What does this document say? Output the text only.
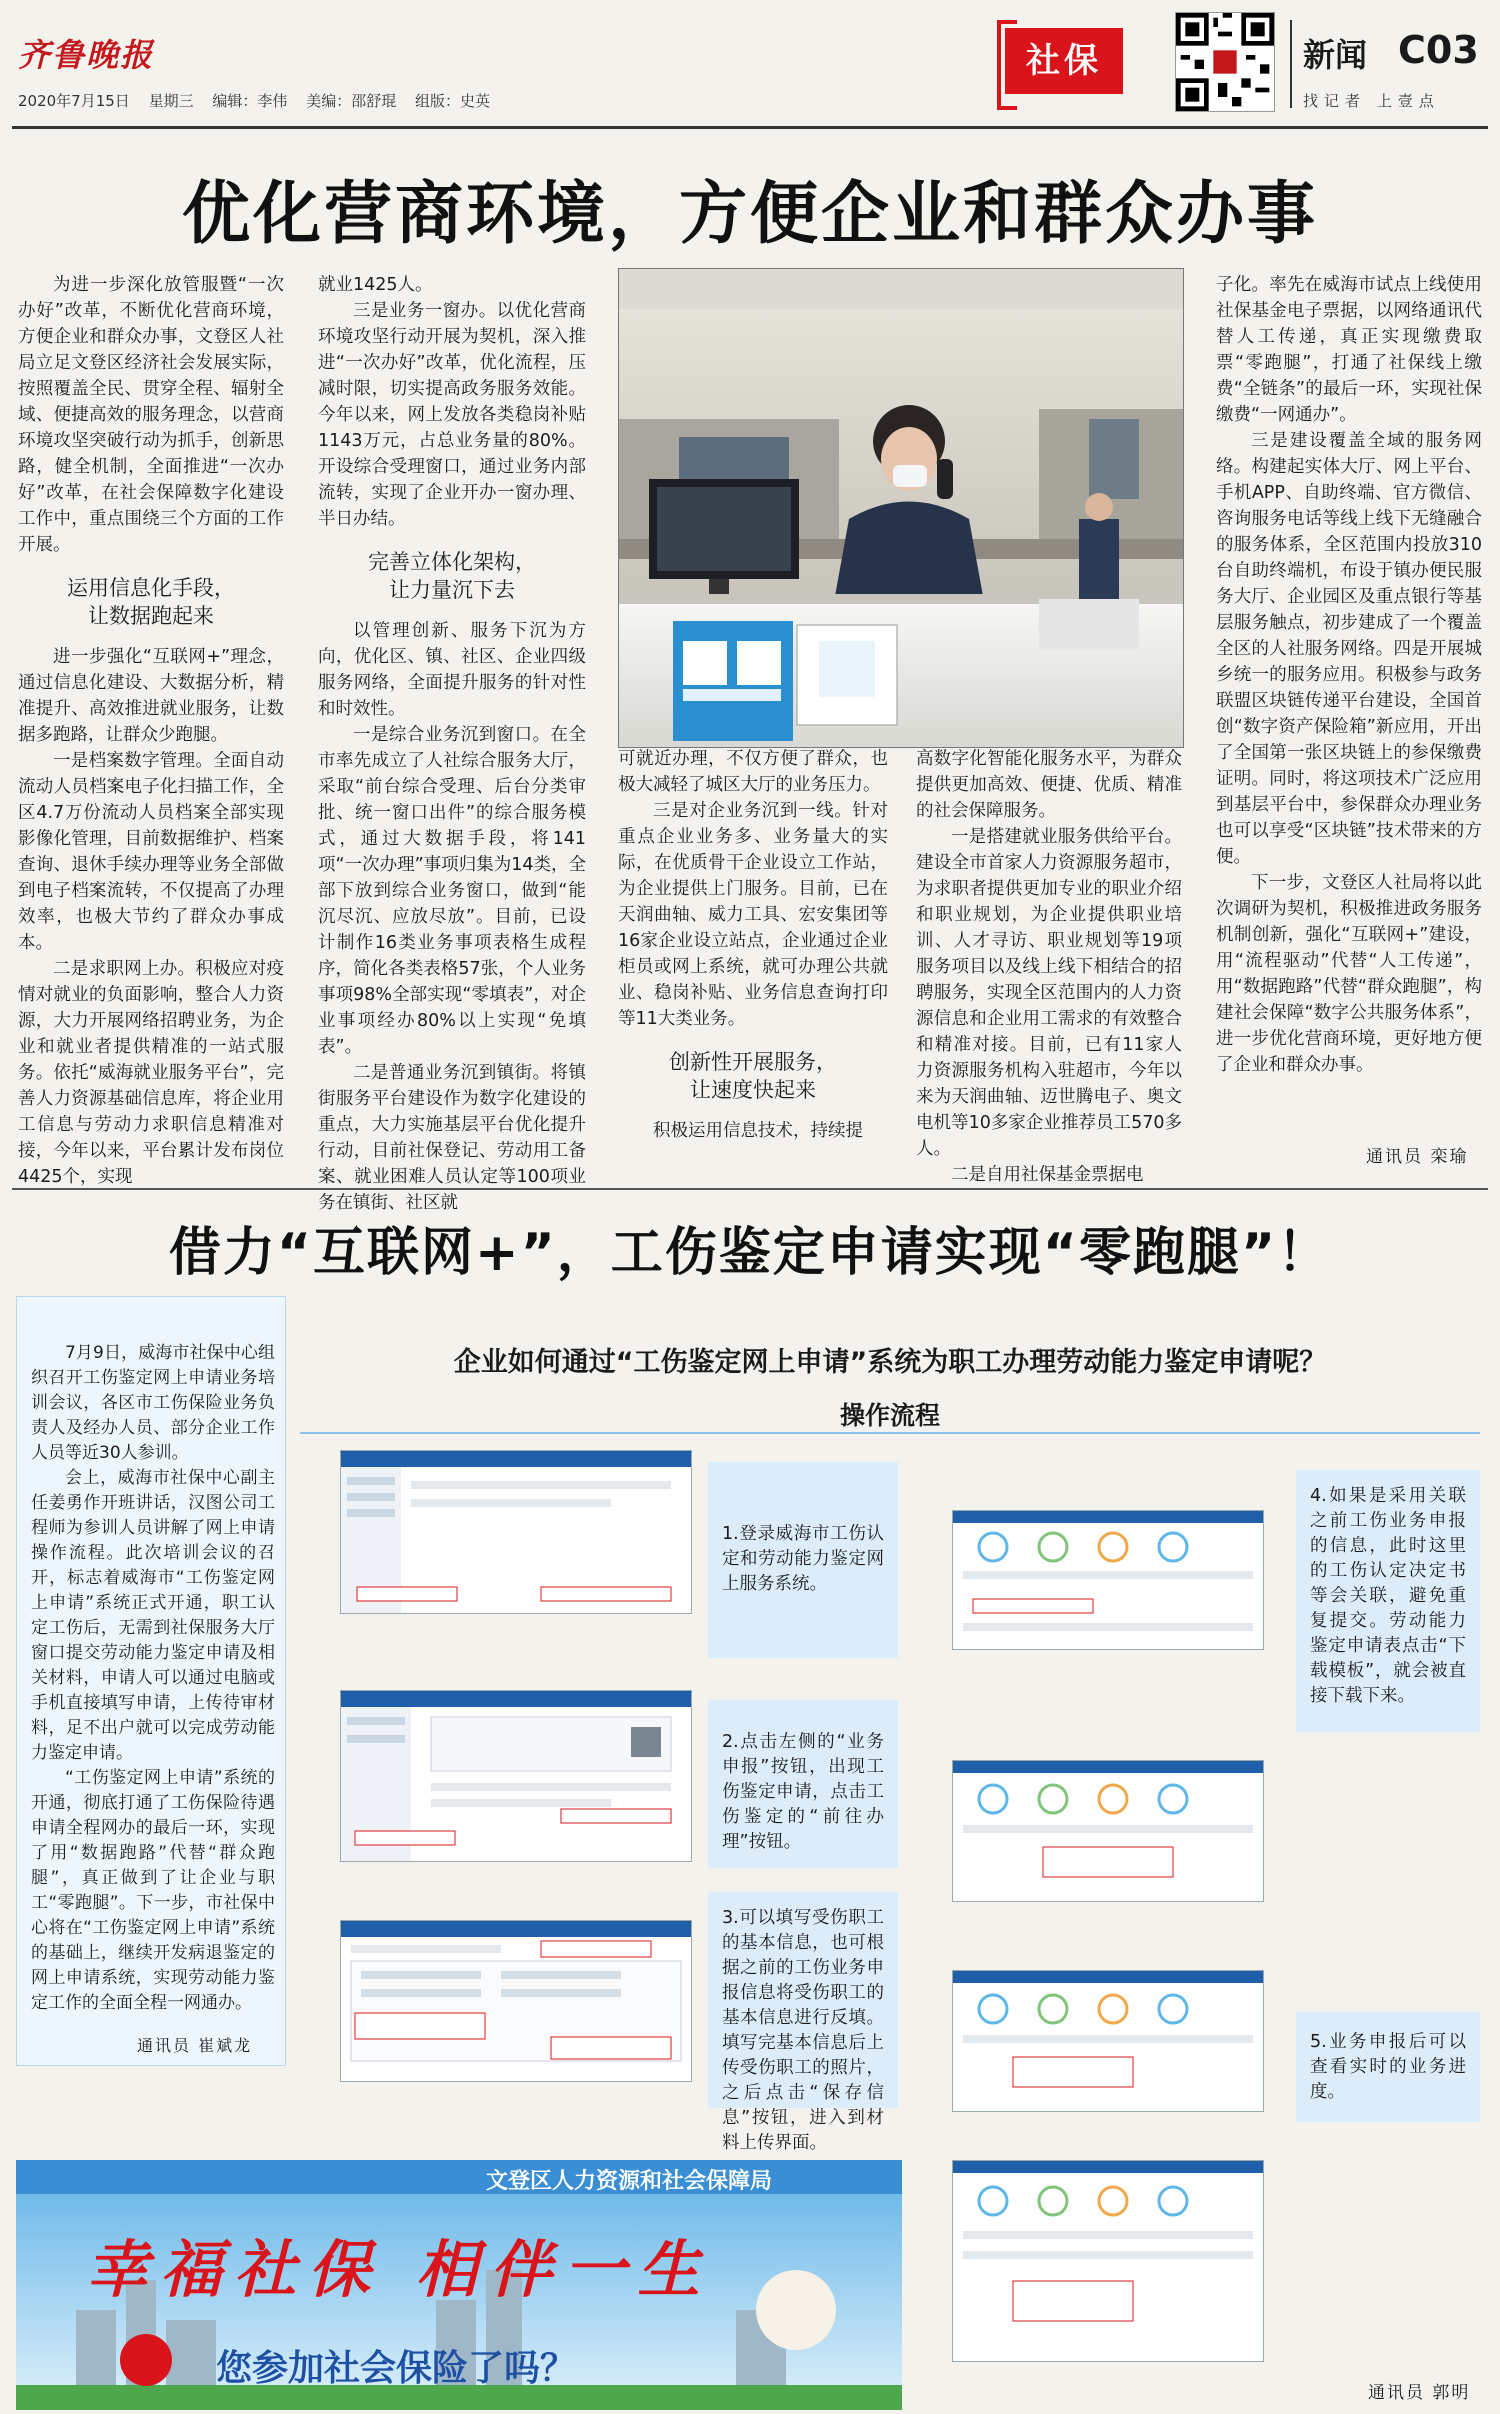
齐鲁晚报
2020年7月15日 星期三 编辑：李伟 美编：邵舒琨 组版：史英
社保	新闻 C03
找记者 上壹点
优化营商环境，方便企业和群众办事

为进一步深化放管服暨“一次办好”改革，不断优化营商环境，方便企业和群众办事，文登区人社局立足文登区经济社会发展实际，按照覆盖全民、贯穿全程、辐射全域、便捷高效的服务理念，以营商环境攻坚突破行动为抓手，创新思路，健全机制，全面推进“一次办好”改革，在社会保障数字化建设工作中，重点围绕三个方面的工作开展。

运用信息化手段，
让数据跑起来

进一步强化“互联网+”理念，通过信息化建设、大数据分析，精准提升、高效推进就业服务，让数据多跑路，让群众少跑腿。

一是档案数字管理。全面自动流动人员档案电子化扫描工作，全区4.7万份流动人员档案全部实现影像化管理，目前数据维护、档案查询、退休手续办理等业务全部做到电子档案流转，不仅提高了办理效率，也极大节约了群众办事成本。

二是求职网上办。积极应对疫情对就业的负面影响，整合人力资源，大力开展网络招聘业务，为企业和就业者提供精准的一站式服务。依托“威海就业服务平台”，完善人力资源基础信息库，将企业用工信息与劳动力求职信息精准对接，今年以来，平台累计发布岗位4425个，实现

就业1425人。

三是业务一窗办。以优化营商环境攻坚行动开展为契机，深入推进“一次办好”改革，优化流程，压减时限，切实提高政务服务效能。今年以来，网上发放各类稳岗补贴1143万元，占总业务量的80%。开设综合受理窗口，通过业务内部流转，实现了企业开办一窗办理、半日办结。

完善立体化架构，
让力量沉下去

以管理创新、服务下沉为方向，优化区、镇、社区、企业四级服务网络，全面提升服务的针对性和时效性。

一是综合业务沉到窗口。在全市率先成立了人社综合服务大厅，采取“前台综合受理、后台分类审批、统一窗口出件”的综合服务模式，通过大数据手段，将141项“一次办理”事项归集为14类，全部下放到综合业务窗口，做到“能沉尽沉、应放尽放”。目前，已设计制作16类业务事项表格生成程序，简化各类表格57张，个人业务事项98%全部实现“零填表”，对企业事项经办80%以上实现“免填表”。

二是普通业务沉到镇街。将镇街服务平台建设作为数字化建设的重点，大力实施基层平台优化提升行动，目前社保登记、劳动用工备案、就业困难人员认定等100项业务在镇街、社区就

可就近办理，不仅方便了群众，也极大减轻了城区大厅的业务压力。

三是对企业务沉到一线。针对重点企业业务多、业务量大的实际，在优质骨干企业设立工作站，为企业提供上门服务。目前，已在天润曲轴、威力工具、宏安集团等16家企业设立站点，企业通过企业柜员或网上系统，就可办理公共就业、稳岗补贴、业务信息查询打印等11大类业务。

创新性开展服务，
让速度快起来

积极运用信息技术，持续提

高数字化智能化服务水平，为群众提供更加高效、便捷、优质、精准的社会保障服务。

一是搭建就业服务供给平台。建设全市首家人力资源服务超市，为求职者提供更加专业的职业介绍和职业规划，为企业提供职业培训、人才寻访、职业规划等19项服务项目以及线上线下相结合的招聘服务，实现全区范围内的人力资源信息和企业用工需求的有效整合和精准对接。目前，已有11家人力资源服务机构入驻超市，今年以来为天润曲轴、迈世腾电子、奥文电机等10多家企业推荐员工570多人。

二是自用社保基金票据电

子化。率先在威海市试点上线使用社保基金电子票据，以网络通讯代替人工传递，真正实现缴费取票“零跑腿”，打通了社保线上缴费“全链条”的最后一环，实现社保缴费“一网通办”。

三是建设覆盖全域的服务网络。构建起实体大厅、网上平台、手机APP、自助终端、官方微信、咨询服务电话等线上线下无缝融合的服务体系，全区范围内投放310台自助终端机，布设于镇办便民服务大厅、企业园区及重点银行等基层服务触点，初步建成了一个覆盖全区的人社服务网络。四是开展城乡统一的服务应用。积极参与政务联盟区块链传递平台建设，全国首创“数字资产保险箱”新应用，开出了全国第一张区块链上的参保缴费证明。同时，将这项技术广泛应用到基层平台中，参保群众办理业务也可以享受“区块链”技术带来的方便。

下一步，文登区人社局将以此次调研为契机，积极推进政务服务机制创新，强化“互联网+”建设，用“流程驱动”代替“人工传递”，用“数据跑路”代替“群众跑腿”，构建社会保障“数字公共服务体系”，进一步优化营商环境，更好地方便了企业和群众办事。

通讯员 栾瑜
借力“互联网+”，工伤鉴定申请实现“零跑腿”！

7月9日，威海市社保中心组织召开工伤鉴定网上申请业务培训会议，各区市工伤保险业务负责人及经办人员、部分企业工作人员等近30人参训。

会上，威海市社保中心副主任姜勇作开班讲话，汉图公司工程师为参训人员讲解了网上申请操作流程。此次培训会议的召开，标志着威海市“工伤鉴定网上申请”系统正式开通，职工认定工伤后，无需到社保服务大厅窗口提交劳动能力鉴定申请及相关材料，申请人可以通过电脑或手机直接填写申请，上传待审材料，足不出户就可以完成劳动能力鉴定申请。

“工伤鉴定网上申请”系统的开通，彻底打通了工伤保险待遇申请全程网办的最后一环，实现了用“数据跑路”代替“群众跑腿”，真正做到了让企业与职工“零跑腿”。下一步，市社保中心将在“工伤鉴定网上申请”系统的基础上，继续开发病退鉴定的网上申请系统，实现劳动能力鉴定工作的全面全程一网通办。

通讯员 崔斌龙
企业如何通过“工伤鉴定网上申请”系统为职工办理劳动能力鉴定申请呢？
操作流程
1.登录威海市工伤认定和劳动能力鉴定网上服务系统。
2.点击左侧的“业务申报”按钮，出现工伤鉴定申请，点击工伤鉴定的“前往办理”按钮。
3.可以填写受伤职工的基本信息，也可根据之前的工伤业务申报信息将受伤职工的基本信息进行反填。填写完基本信息后上传受伤职工的照片，之后点击“保存信息”按钮，进入到材料上传界面。
4.如果是采用关联之前工伤业务申报的信息，此时这里的工伤认定决定书等会关联，避免重复提交。劳动能力鉴定申请表点击“下载模板”，就会被直接下载下来。
5.业务申报后可以查看实时的业务进度。
文登区人力资源和社会保障局
幸福社保 相伴一生
您参加社会保险了吗？
通讯员 郭明
